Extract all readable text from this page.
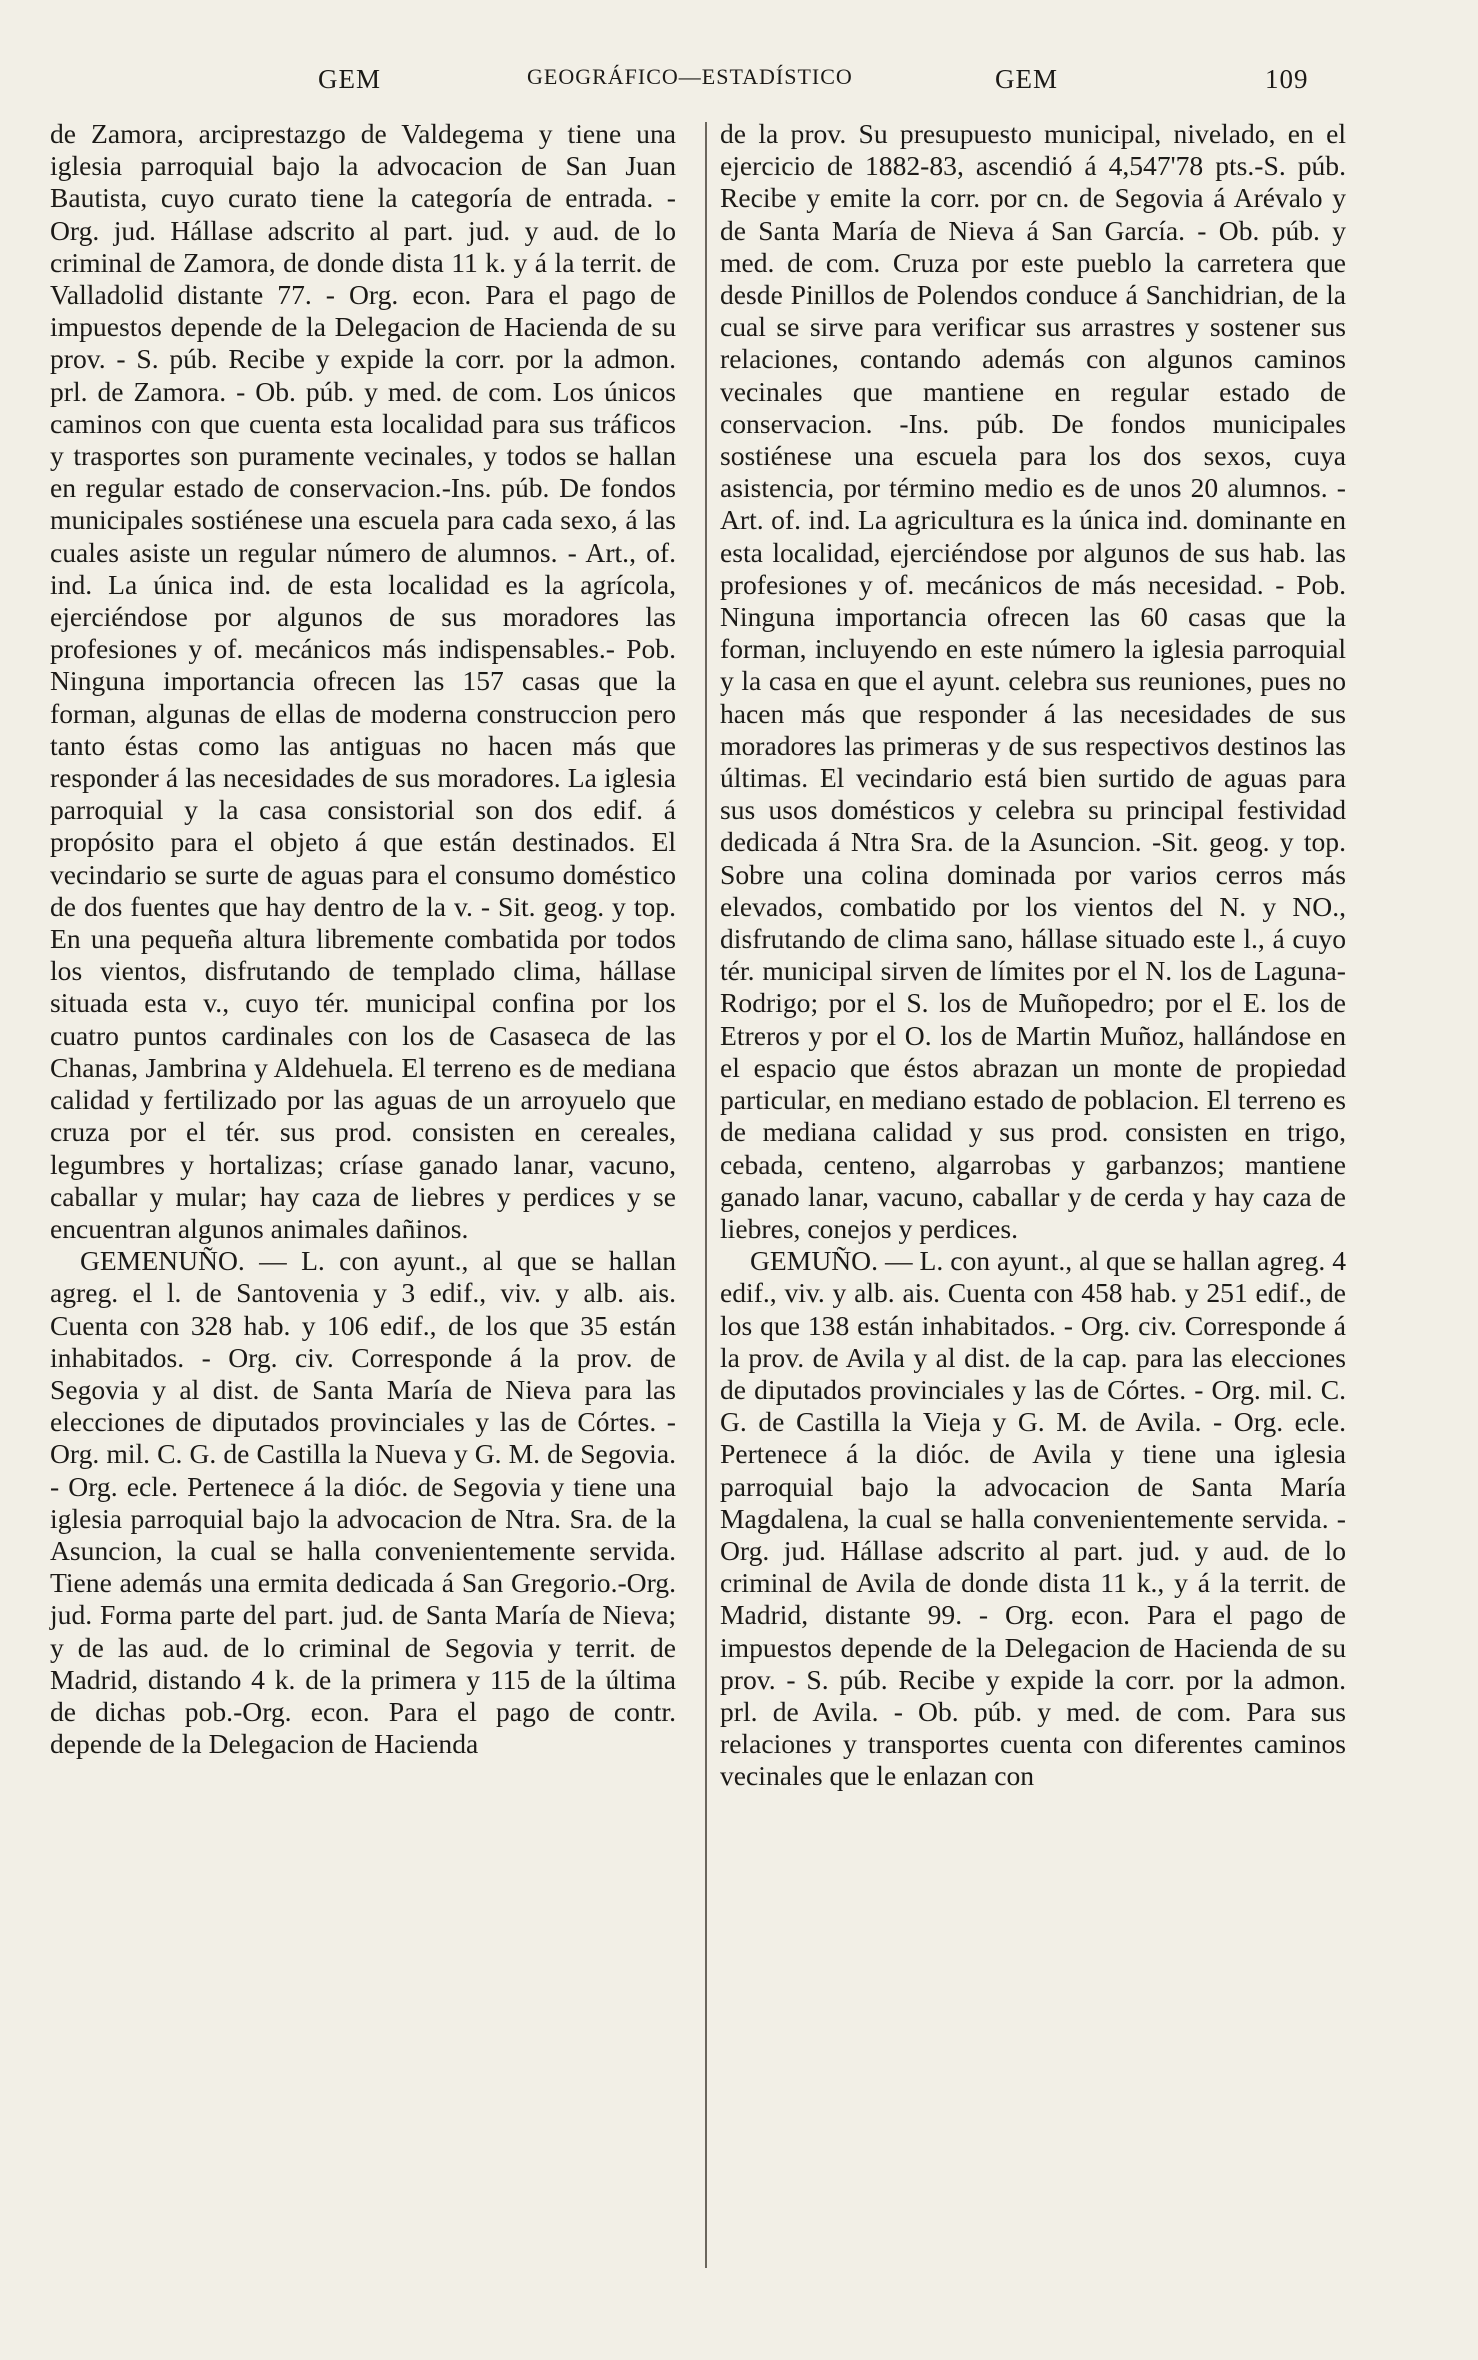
GEM	GEOGRÁFICO—ESTADÍSTICO	GEM	109

de Zamora, arciprestazgo de Valdegema y tiene una iglesia parroquial bajo la advocacion de San Juan Bautista, cuyo curato tiene la categoría de entrada. - Org. jud. Hállase adscrito al part. jud. y aud. de lo criminal de Zamora, de donde dista 11 k. y á la territ. de Valladolid distante 77. - Org. econ. Para el pago de impuestos depende de la Delegacion de Hacienda de su prov. - S. púb. Recibe y expide la corr. por la admon. prl. de Zamora. - Ob. púb. y med. de com. Los únicos caminos con que cuenta esta localidad para sus tráficos y trasportes son puramente vecinales, y todos se hallan en regular estado de conservacion.-Ins. púb. De fondos municipales sostiénese una escuela para cada sexo, á las cuales asiste un regular número de alumnos. - Art., of. ind. La única ind. de esta localidad es la agrícola, ejerciéndose por algunos de sus moradores las profesiones y of. mecánicos más indispensables.- Pob. Ninguna importancia ofrecen las 157 casas que la forman, algunas de ellas de moderna construccion pero tanto éstas como las antiguas no hacen más que responder á las necesidades de sus moradores. La iglesia parroquial y la casa consistorial son dos edif. á propósito para el objeto á que están destinados. El vecindario se surte de aguas para el consumo doméstico de dos fuentes que hay dentro de la v. - Sit. geog. y top. En una pequeña altura libremente combatida por todos los vientos, disfrutando de templado clima, hállase situada esta v., cuyo tér. municipal confina por los cuatro puntos cardinales con los de Casaseca de las Chanas, Jambrina y Aldehuela. El terreno es de mediana calidad y fertilizado por las aguas de un arroyuelo que cruza por el tér. sus prod. consisten en cereales, legumbres y hortalizas; críase ganado lanar, vacuno, caballar y mular; hay caza de liebres y perdices y se encuentran algunos animales dañinos.

GEMENUÑO. — L. con ayunt., al que se hallan agreg. el l. de Santovenia y 3 edif., viv. y alb. ais. Cuenta con 328 hab. y 106 edif., de los que 35 están inhabitados. - Org. civ. Corresponde á la prov. de Segovia y al dist. de Santa María de Nieva para las elecciones de diputados provinciales y las de Córtes. - Org. mil. C. G. de Castilla la Nueva y G. M. de Segovia. - Org. ecle. Pertenece á la dióc. de Segovia y tiene una iglesia parroquial bajo la advocacion de Ntra. Sra. de la Asuncion, la cual se halla convenientemente servida. Tiene además una ermita dedicada á San Gregorio.-Org. jud. Forma parte del part. jud. de Santa María de Nieva; y de las aud. de lo criminal de Segovia y territ. de Madrid, distando 4 k. de la primera y 115 de la última de dichas pob.-Org. econ. Para el pago de contr. depende de la Delegacion de Hacienda

de la prov. Su presupuesto municipal, nivelado, en el ejercicio de 1882-83, ascendió á 4,547'78 pts.-S. púb. Recibe y emite la corr. por cn. de Segovia á Arévalo y de Santa María de Nieva á San García. - Ob. púb. y med. de com. Cruza por este pueblo la carretera que desde Pinillos de Polendos conduce á Sanchidrian, de la cual se sirve para verificar sus arrastres y sostener sus relaciones, contando además con algunos caminos vecinales que mantiene en regular estado de conservacion. -Ins. púb. De fondos municipales sostiénese una escuela para los dos sexos, cuya asistencia, por término medio es de unos 20 alumnos. -Art. of. ind. La agricultura es la única ind. dominante en esta localidad, ejerciéndose por algunos de sus hab. las profesiones y of. mecánicos de más necesidad. - Pob. Ninguna importancia ofrecen las 60 casas que la forman, incluyendo en este número la iglesia parroquial y la casa en que el ayunt. celebra sus reuniones, pues no hacen más que responder á las necesidades de sus moradores las primeras y de sus respectivos destinos las últimas. El vecindario está bien surtido de aguas para sus usos domésticos y celebra su principal festividad dedicada á Ntra Sra. de la Asuncion. -Sit. geog. y top. Sobre una colina dominada por varios cerros más elevados, combatido por los vientos del N. y NO., disfrutando de clima sano, hállase situado este l., á cuyo tér. municipal sirven de límites por el N. los de Laguna-Rodrigo; por el S. los de Muñopedro; por el E. los de Etreros y por el O. los de Martin Muñoz, hallándose en el espacio que éstos abrazan un monte de propiedad particular, en mediano estado de poblacion. El terreno es de mediana calidad y sus prod. consisten en trigo, cebada, centeno, algarrobas y garbanzos; mantiene ganado lanar, vacuno, caballar y de cerda y hay caza de liebres, conejos y perdices.

GEMUÑO. — L. con ayunt., al que se hallan agreg. 4 edif., viv. y alb. ais. Cuenta con 458 hab. y 251 edif., de los que 138 están inhabitados. - Org. civ. Corresponde á la prov. de Avila y al dist. de la cap. para las elecciones de diputados provinciales y las de Córtes. - Org. mil. C. G. de Castilla la Vieja y G. M. de Avila. - Org. ecle. Pertenece á la dióc. de Avila y tiene una iglesia parroquial bajo la advocacion de Santa María Magdalena, la cual se halla convenientemente servida. - Org. jud. Hállase adscrito al part. jud. y aud. de lo criminal de Avila de donde dista 11 k., y á la territ. de Madrid, distante 99. - Org. econ. Para el pago de impuestos depende de la Delegacion de Hacienda de su prov. - S. púb. Recibe y expide la corr. por la admon. prl. de Avila. - Ob. púb. y med. de com. Para sus relaciones y transportes cuenta con diferentes caminos vecinales que le enlazan con
